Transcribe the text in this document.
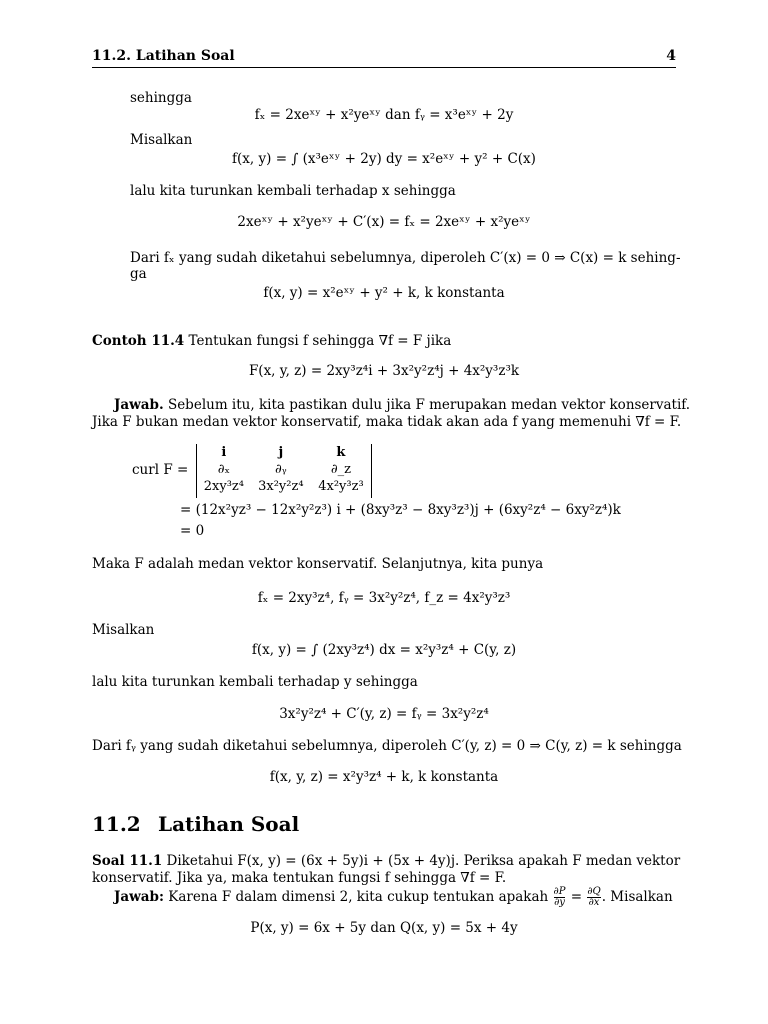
11.2. Latihan Soal	4
sehingga
fₓ = 2xeˣʸ + x²yeˣʸ dan fᵧ = x³eˣʸ + 2y
Misalkan
f(x, y) = ∫ (x³eˣʸ + 2y) dy = x²eˣʸ + y² + C(x)
lalu kita turunkan kembali terhadap x sehingga
2xeˣʸ + x²yeˣʸ + C′(x) = fₓ = 2xeˣʸ + x²yeˣʸ
Dari fₓ yang sudah diketahui sebelumnya, diperoleh C′(x) = 0 ⇒ C(x) = k sehing-
ga
f(x, y) = x²eˣʸ + y² + k, k konstanta
Contoh 11.4 Tentukan fungsi f sehingga ∇f = F jika
F(x, y, z) = 2xy³z⁴i + 3x²y²z⁴j + 4x²y³z³k
Jawab. Sebelum itu, kita pastikan dulu jika F merupakan medan vektor konservatif.
Jika F bukan medan vektor konservatif, maka tidak akan ada f yang memenuhi ∇f = F.
curl F =
i	j	k
∂ₓ	∂ᵧ	∂_z
2xy³z⁴	3x²y²z⁴	4x²y³z³
= (12x²yz³ − 12x²y²z³) i + (8xy³z³ − 8xy³z³)j + (6xy²z⁴ − 6xy²z⁴)k
= 0
Maka F adalah medan vektor konservatif. Selanjutnya, kita punya
fₓ = 2xy³z⁴, fᵧ = 3x²y²z⁴, f_z = 4x²y³z³
Misalkan
f(x, y) = ∫ (2xy³z⁴) dx = x²y³z⁴ + C(y, z)
lalu kita turunkan kembali terhadap y sehingga
3x²y²z⁴ + C′(y, z) = fᵧ = 3x²y²z⁴
Dari fᵧ yang sudah diketahui sebelumnya, diperoleh C′(y, z) = 0 ⇒ C(y, z) = k sehingga
f(x, y, z) = x²y³z⁴ + k, k konstanta
11.2 Latihan Soal
Soal 11.1 Diketahui F(x, y) = (6x + 5y)i + (5x + 4y)j. Periksa apakah F medan vektor
konservatif. Jika ya, maka tentukan fungsi f sehingga ∇f = F.
Jawab: Karena F dalam dimensi 2, kita cukup tentukan apakah $\frac{\partial P}{\partial y} = \frac{\partial Q}{\partial x}$ . Misalkan
P(x, y) = 6x + 5y dan Q(x, y) = 5x + 4y
